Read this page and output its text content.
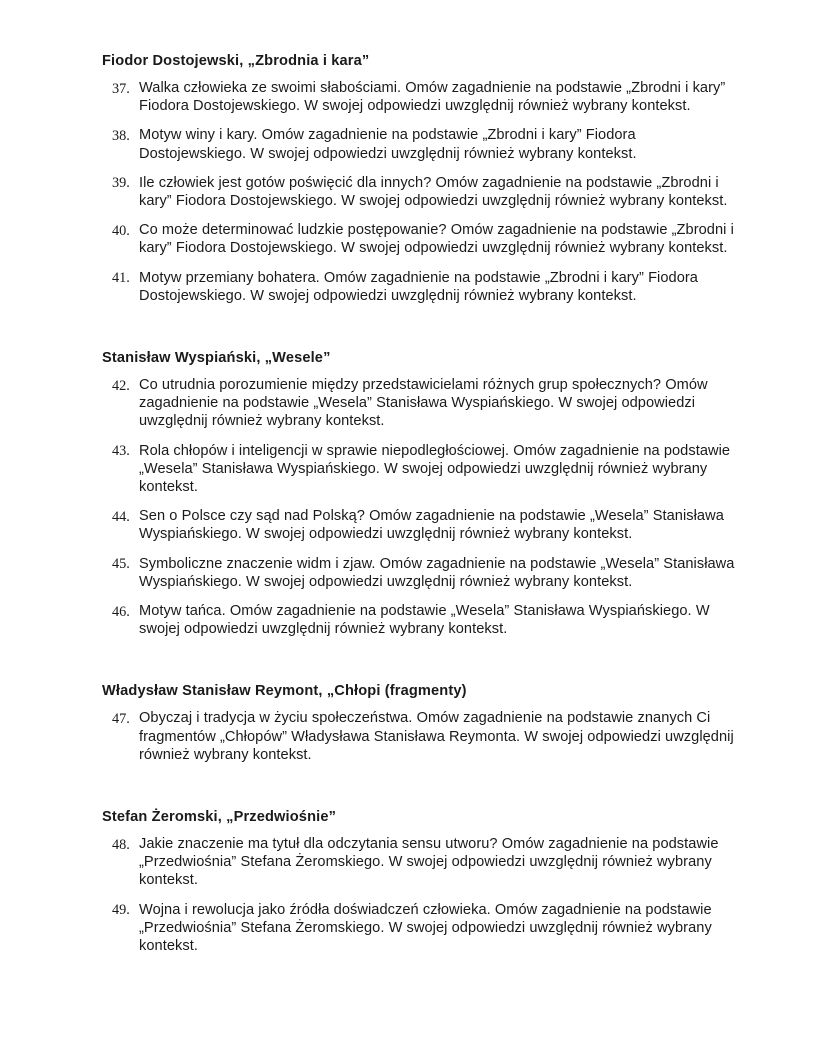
Fiodor Dostojewski, „Zbrodnia i kara”
37. Walka człowieka ze swoimi słabościami. Omów zagadnienie na podstawie „Zbrodni i kary” Fiodora Dostojewskiego. W swojej odpowiedzi uwzględnij również wybrany kontekst.
38. Motyw winy i kary. Omów zagadnienie na podstawie „Zbrodni i kary” Fiodora Dostojewskiego. W swojej odpowiedzi uwzględnij również wybrany kontekst.
39. Ile człowiek jest gotów poświęcić dla innych? Omów zagadnienie na podstawie „Zbrodni i kary” Fiodora Dostojewskiego. W swojej odpowiedzi uwzględnij również wybrany kontekst.
40. Co może determinować ludzkie postępowanie? Omów zagadnienie na podstawie „Zbrodni i kary” Fiodora Dostojewskiego. W swojej odpowiedzi uwzględnij również wybrany kontekst.
41. Motyw przemiany bohatera. Omów zagadnienie na podstawie „Zbrodni i kary” Fiodora Dostojewskiego. W swojej odpowiedzi uwzględnij również wybrany kontekst.
Stanisław Wyspiański, „Wesele”
42. Co utrudnia porozumienie między przedstawicielami różnych grup społecznych? Omów zagadnienie na podstawie „Wesela” Stanisława Wyspiańskiego. W swojej odpowiedzi uwzględnij również wybrany kontekst.
43. Rola chłopów i inteligencji w sprawie niepodległościowej. Omów zagadnienie na podstawie „Wesela” Stanisława Wyspiańskiego. W swojej odpowiedzi uwzględnij również wybrany kontekst.
44. Sen o Polsce czy sąd nad Polską? Omów zagadnienie na podstawie „Wesela” Stanisława Wyspiańskiego. W swojej odpowiedzi uwzględnij również wybrany kontekst.
45. Symboliczne znaczenie widm i zjaw. Omów zagadnienie na podstawie „Wesela” Stanisława Wyspiańskiego. W swojej odpowiedzi uwzględnij również wybrany kontekst.
46. Motyw tańca. Omów zagadnienie na podstawie „Wesela” Stanisława Wyspiańskiego. W swojej odpowiedzi uwzględnij również wybrany kontekst.
Władysław Stanisław Reymont, „Chłopi (fragmenty)
47. Obyczaj i tradycja w życiu społeczeństwa. Omów zagadnienie na podstawie znanych Ci fragmentów „Chłopów” Władysława Stanisława Reymonta. W swojej odpowiedzi uwzględnij również wybrany kontekst.
Stefan Żeromski, „Przedwiośnie”
48. Jakie znaczenie ma tytuł dla odczytania sensu utworu? Omów zagadnienie na podstawie „Przedwiośnia” Stefana Żeromskiego. W swojej odpowiedzi uwzględnij również wybrany kontekst.
49. Wojna i rewolucja jako źródła doświadczeń człowieka. Omów zagadnienie na podstawie „Przedwiośnia” Stefana Żeromskiego. W swojej odpowiedzi uwzględnij również wybrany kontekst.
